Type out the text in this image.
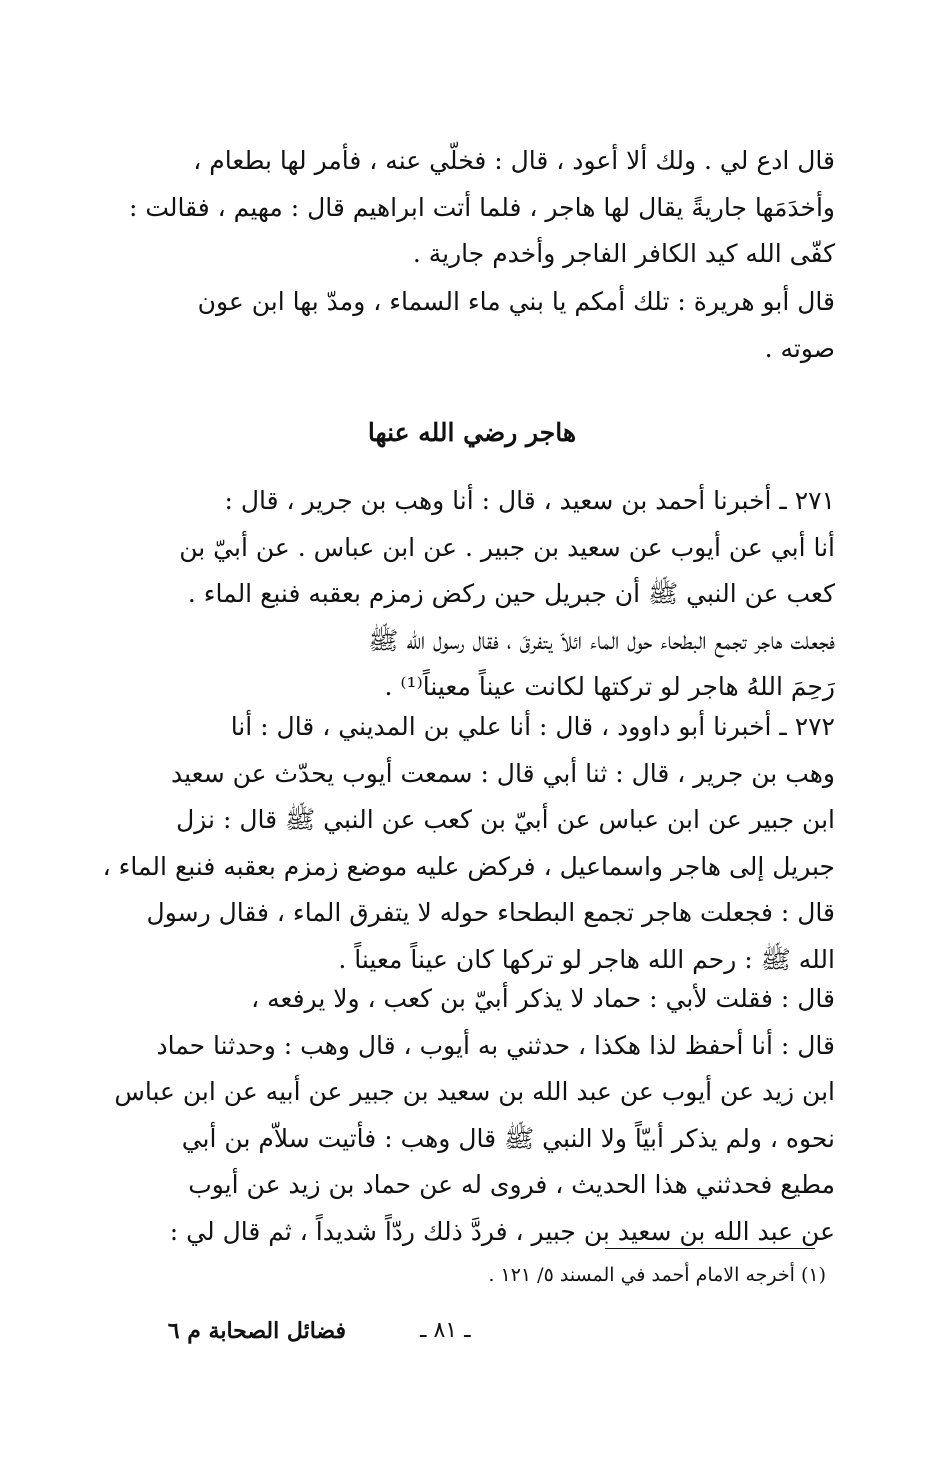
قال ادع لي . ولك ألا أعود ، قال : فخلّي عنه ، فأمر لها بطعام ،
وأخدَمَها جاريةً يقال لها هاجر ، فلما أتت ابراهيم قال : مهيم ، فقالت :
كفّى الله كيد الكافر الفاجر وأخدم جارية .
قال أبو هريرة : تلك أمكم يا بني ماء السماء ، ومدّ بها ابن عون
صوته .
هاجر رضي الله عنها
٢٧١ ـ أخبرنا أحمد بن سعيد ، قال : أنا وهب بن جرير ، قال :
أنا أبي عن أيوب عن سعيد بن جبير . عن ابن عباس . عن أبيّ بن
كعب عن النبي ﷺ أن جبريل حين ركض زمزم بعقبه فنبع الماء .
فجعلت هاجر تجمع البطحاء حول الماء ائلاّ يتفرقَ ، فقال رسول الله ﷺ
رَحِمَ اللهُ هاجر لو تركتها لكانت عيناً معيناً⁽¹⁾ .
٢٧٢ ـ أخبرنا أبو داوود ، قال : أنا علي بن المديني ، قال : أنا
وهب بن جرير ، قال : ثنا أبي قال : سمعت أيوب يحدّث عن سعيد
ابن جبير عن ابن عباس عن أبيّ بن كعب عن النبي ﷺ قال : نزل
جبريل إلى هاجر واسماعيل ، فركض عليه موضع زمزم بعقبه فنبع الماء ،
قال : فجعلت هاجر تجمع البطحاء حوله لا يتفرق الماء ، فقال رسول
الله ﷺ : رحم الله هاجر لو تركها كان عيناً معيناً .
قال : فقلت لأبي : حماد لا يذكر أبيّ بن كعب ، ولا يرفعه ،
قال : أنا أحفظ لذا هكذا ، حدثني به أيوب ، قال وهب : وحدثنا حماد
ابن زيد عن أيوب عن عبد الله بن سعيد بن جبير عن أبيه عن ابن عباس
نحوه ، ولم يذكر أبيّاً ولا النبي ﷺ قال وهب : فأتيت سلاّم بن أبي
مطيع فحدثني هذا الحديث ، فروى له عن حماد بن زيد عن أيوب
عن عبد الله بن سعيد بن جبير ، فردَّ ذلك ردّاً شديداً ، ثم قال لي :
(١) أخرجه الامام أحمد في المسند ٥/ ١٢١ .
فضائل الصحابة م ٦	ـ ٨١ ـ
